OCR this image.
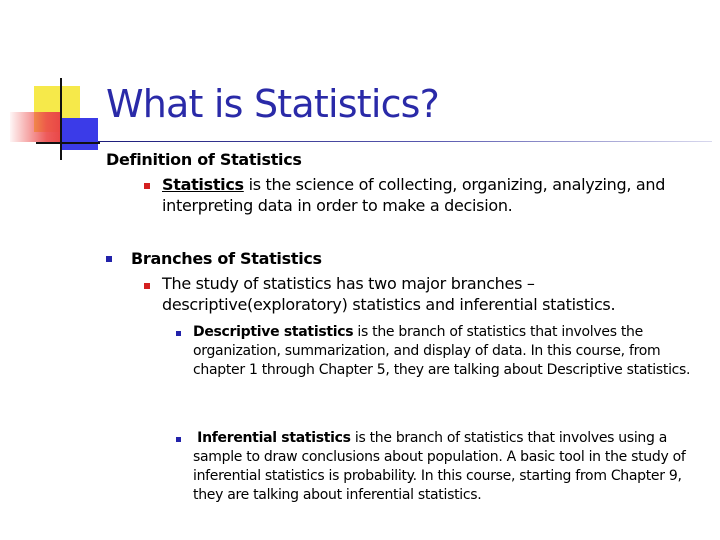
What is Statistics?
Definition of Statistics
Statistics is the science of collecting, organizing, analyzing, and interpreting data in order to make a decision.
Branches of Statistics
The study of statistics has two major branches – descriptive(exploratory) statistics and inferential statistics.
Descriptive statistics is the branch of statistics that involves the organization, summarization, and display of data. In this course, from chapter 1 through Chapter 5, they are talking about Descriptive statistics.
Inferential statistics is the branch of statistics that involves using a sample to draw conclusions about population. A basic tool in the study of inferential statistics is probability. In this course, starting from Chapter 9, they are talking about inferential statistics.
